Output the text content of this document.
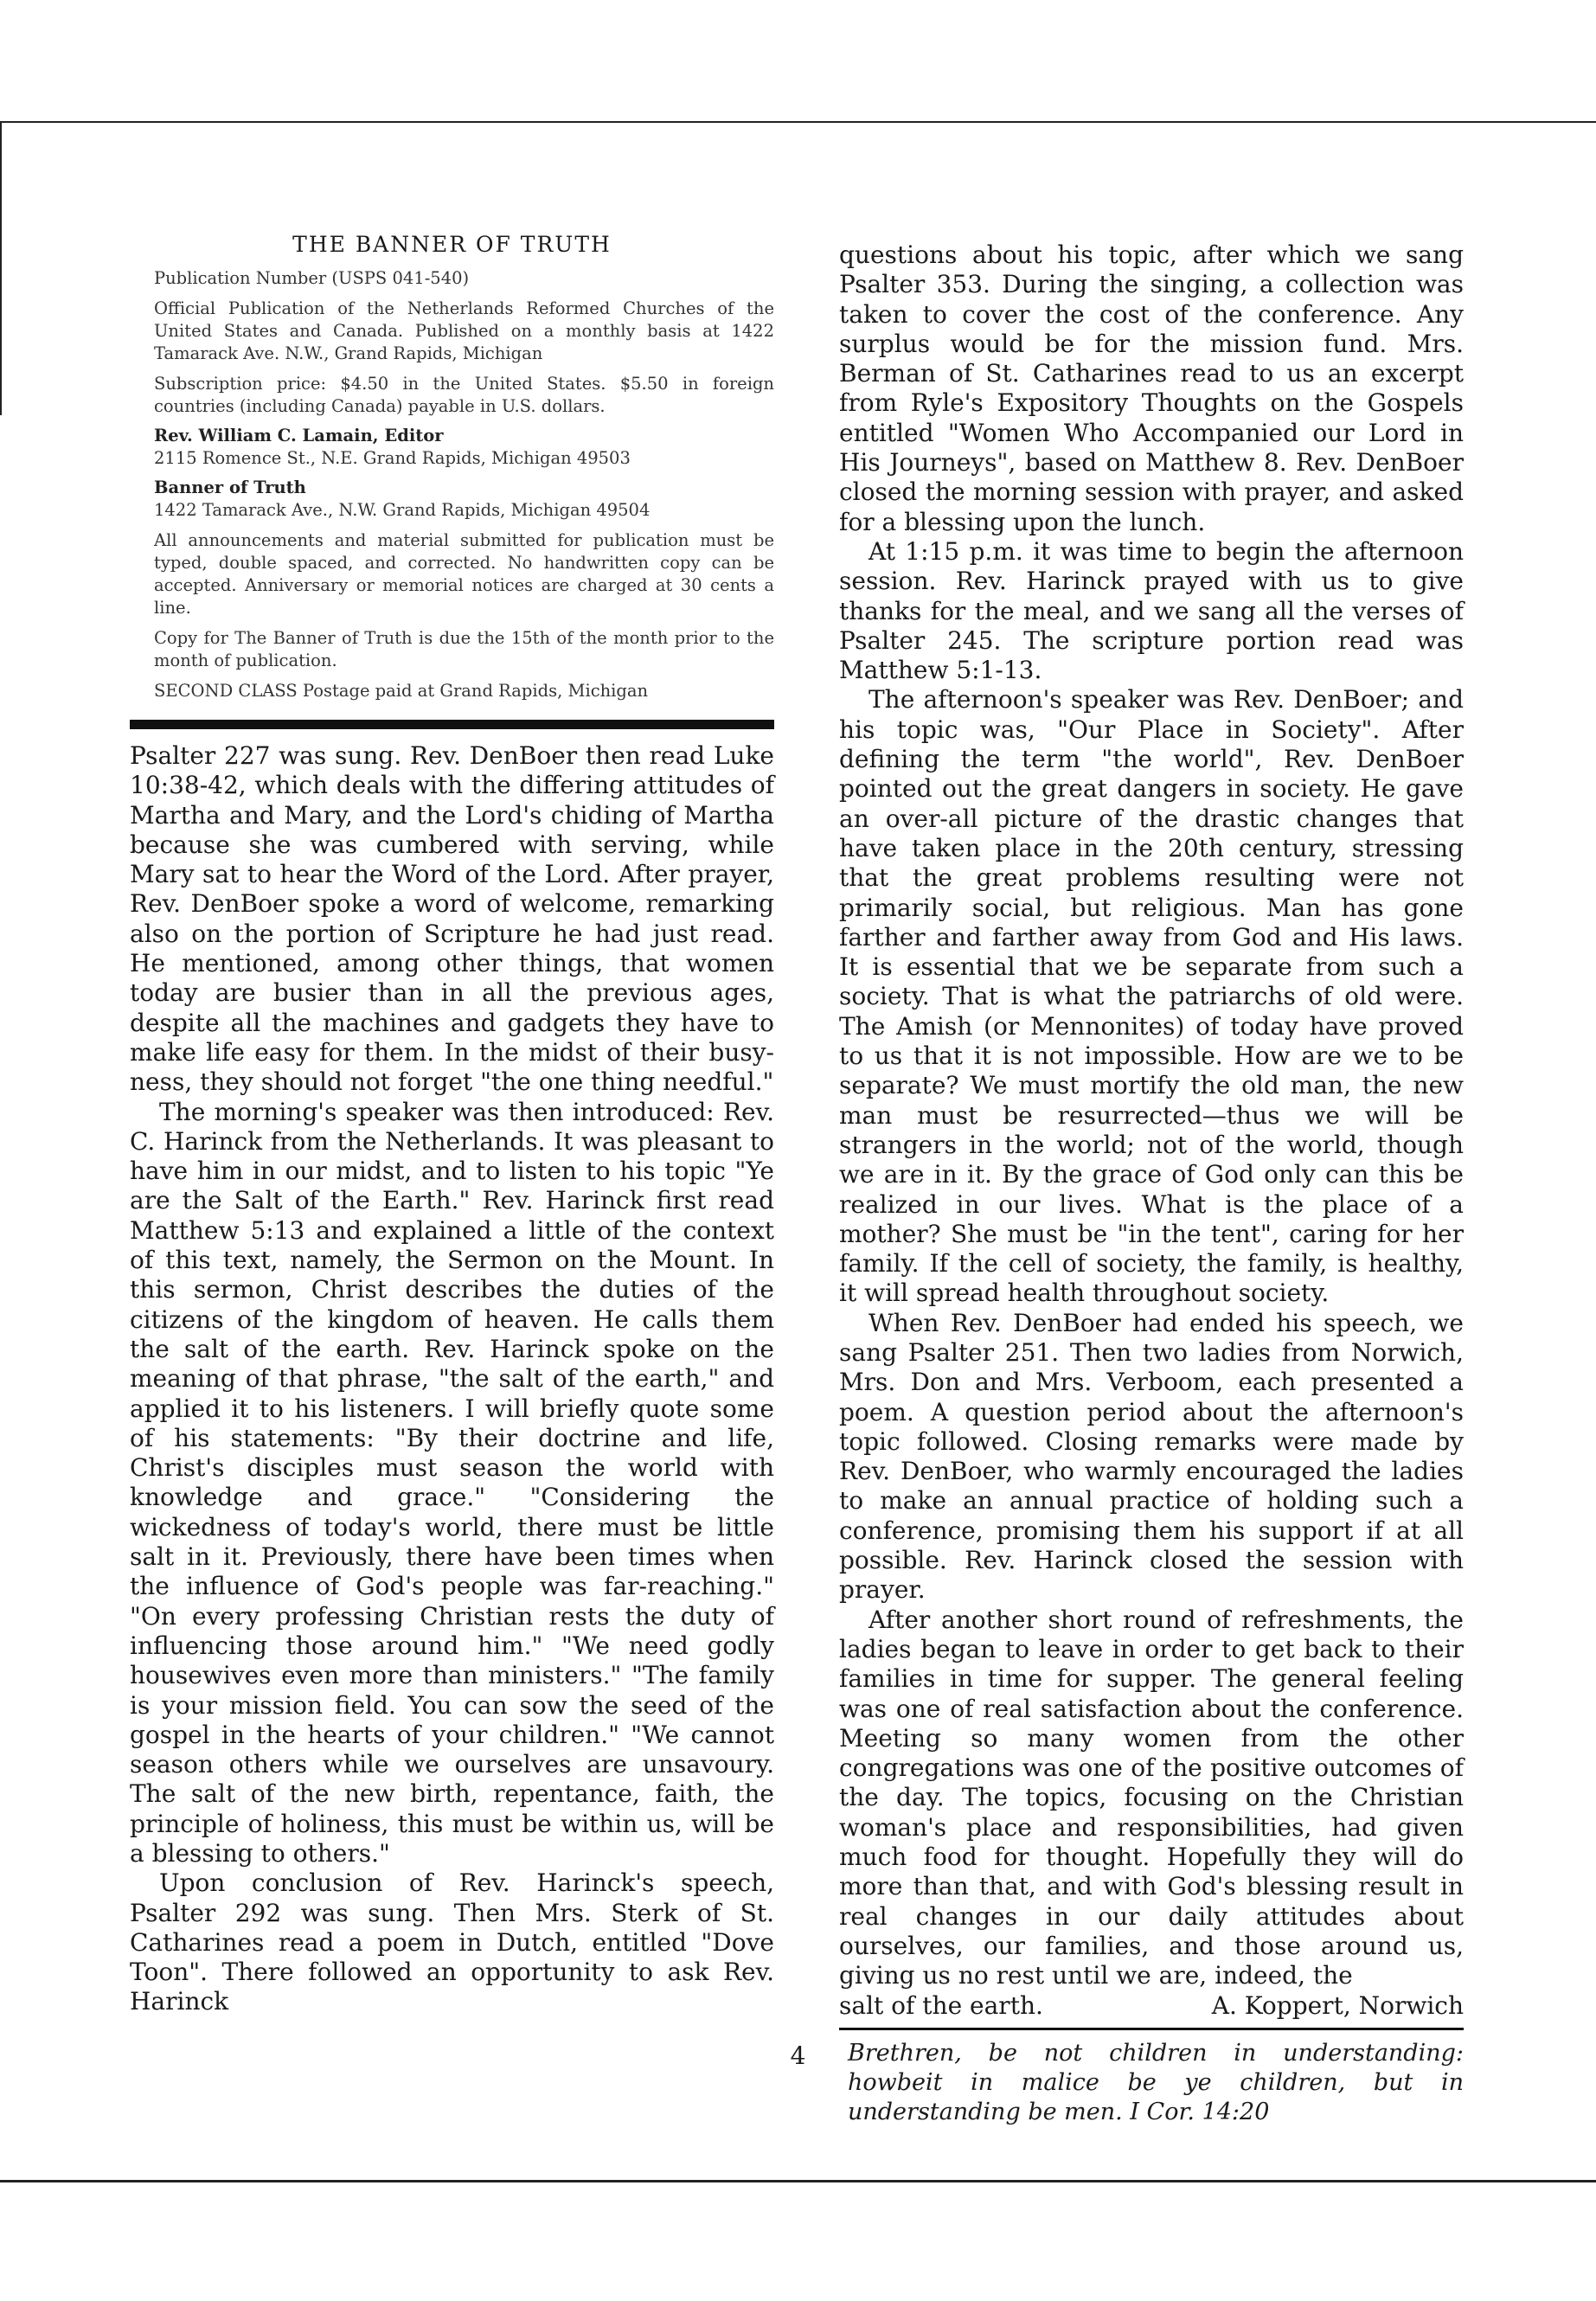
THE BANNER OF TRUTH

Publication Number (USPS 041-540)

Official Publication of the Netherlands Reformed Churches of the United States and Canada. Published on a monthly basis at 1422 Tamarack Ave. N.W., Grand Rapids, Michigan

Subscription price: $4.50 in the United States. $5.50 in foreign countries (including Canada) payable in U.S. dollars.

Rev. William C. Lamain, Editor

2115 Romence St., N.E. Grand Rapids, Michigan 49503

Banner of Truth

1422 Tamarack Ave., N.W. Grand Rapids, Michigan 49504

All announcements and material submitted for publication must be typed, double spaced, and corrected. No handwritten copy can be accepted. Anniversary or memorial notices are charged at 30 cents a line.

Copy for The Banner of Truth is due the 15th of the month prior to the month of publication.

SECOND CLASS Postage paid at Grand Rapids, Michigan

Psalter 227 was sung. Rev. DenBoer then read Luke 10:38-42, which deals with the differing attitudes of Martha and Mary, and the Lord's chiding of Martha because she was cumbered with serving, while Mary sat to hear the Word of the Lord. After prayer, Rev. DenBoer spoke a word of welcome, remarking also on the portion of Scripture he had just read. He mentioned, among other things, that women today are busier than in all the previous ages, despite all the machines and gadgets they have to make life easy for them. In the midst of their busy-ness, they should not forget "the one thing needful."

The morning's speaker was then introduced: Rev. C. Harinck from the Netherlands. It was pleasant to have him in our midst, and to listen to his topic "Ye are the Salt of the Earth." Rev. Harinck first read Matthew 5:13 and explained a little of the context of this text, namely, the Sermon on the Mount. In this sermon, Christ describes the duties of the citizens of the kingdom of heaven. He calls them the salt of the earth. Rev. Harinck spoke on the meaning of that phrase, "the salt of the earth," and applied it to his listeners. I will briefly quote some of his statements: "By their doctrine and life, Christ's disciples must season the world with knowledge and grace." "Considering the wickedness of today's world, there must be little salt in it. Previously, there have been times when the influence of God's people was far-reaching." "On every professing Christian rests the duty of influencing those around him." "We need godly housewives even more than ministers." "The family is your mission field. You can sow the seed of the gospel in the hearts of your children." "We cannot season others while we ourselves are unsavoury. The salt of the new birth, repentance, faith, the principle of holiness, this must be within us, will be a blessing to others."

Upon conclusion of Rev. Harinck's speech, Psalter 292 was sung. Then Mrs. Sterk of St. Catharines read a poem in Dutch, entitled "Dove Toon". There followed an opportunity to ask Rev. Harinck

questions about his topic, after which we sang Psalter 353. During the singing, a collection was taken to cover the cost of the conference. Any surplus would be for the mission fund. Mrs. Berman of St. Catharines read to us an excerpt from Ryle's Expository Thoughts on the Gospels entitled "Women Who Accompanied our Lord in His Journeys", based on Matthew 8. Rev. DenBoer closed the morning session with prayer, and asked for a blessing upon the lunch.

At 1:15 p.m. it was time to begin the afternoon session. Rev. Harinck prayed with us to give thanks for the meal, and we sang all the verses of Psalter 245. The scripture portion read was Matthew 5:1-13.

The afternoon's speaker was Rev. DenBoer; and his topic was, "Our Place in Society". After defining the term "the world", Rev. DenBoer pointed out the great dangers in society. He gave an over-all picture of the drastic changes that have taken place in the 20th century, stressing that the great problems resulting were not primarily social, but religious. Man has gone farther and farther away from God and His laws. It is essential that we be separate from such a society. That is what the patriarchs of old were. The Amish (or Mennonites) of today have proved to us that it is not impossible. How are we to be separate? We must mortify the old man, the new man must be resurrected—thus we will be strangers in the world; not of the world, though we are in it. By the grace of God only can this be realized in our lives. What is the place of a mother? She must be "in the tent", caring for her family. If the cell of society, the family, is healthy, it will spread health throughout society.

When Rev. DenBoer had ended his speech, we sang Psalter 251. Then two ladies from Norwich, Mrs. Don and Mrs. Verboom, each presented a poem. A question period about the afternoon's topic followed. Closing remarks were made by Rev. DenBoer, who warmly encouraged the ladies to make an annual practice of holding such a conference, promising them his support if at all possible. Rev. Harinck closed the session with prayer.

After another short round of refreshments, the ladies began to leave in order to get back to their families in time for supper. The general feeling was one of real satisfaction about the conference. Meeting so many women from the other congregations was one of the positive outcomes of the day. The topics, focusing on the Christian woman's place and responsibilities, had given much food for thought. Hopefully they will do more than that, and with God's blessing result in real changes in our daily attitudes about ourselves, our families, and those around us, giving us no rest until we are, indeed, the

salt of the earth.	A. Koppert, Norwich

Brethren, be not children in understanding: howbeit in malice be ye children, but in understanding be men. I Cor. 14:20

4
